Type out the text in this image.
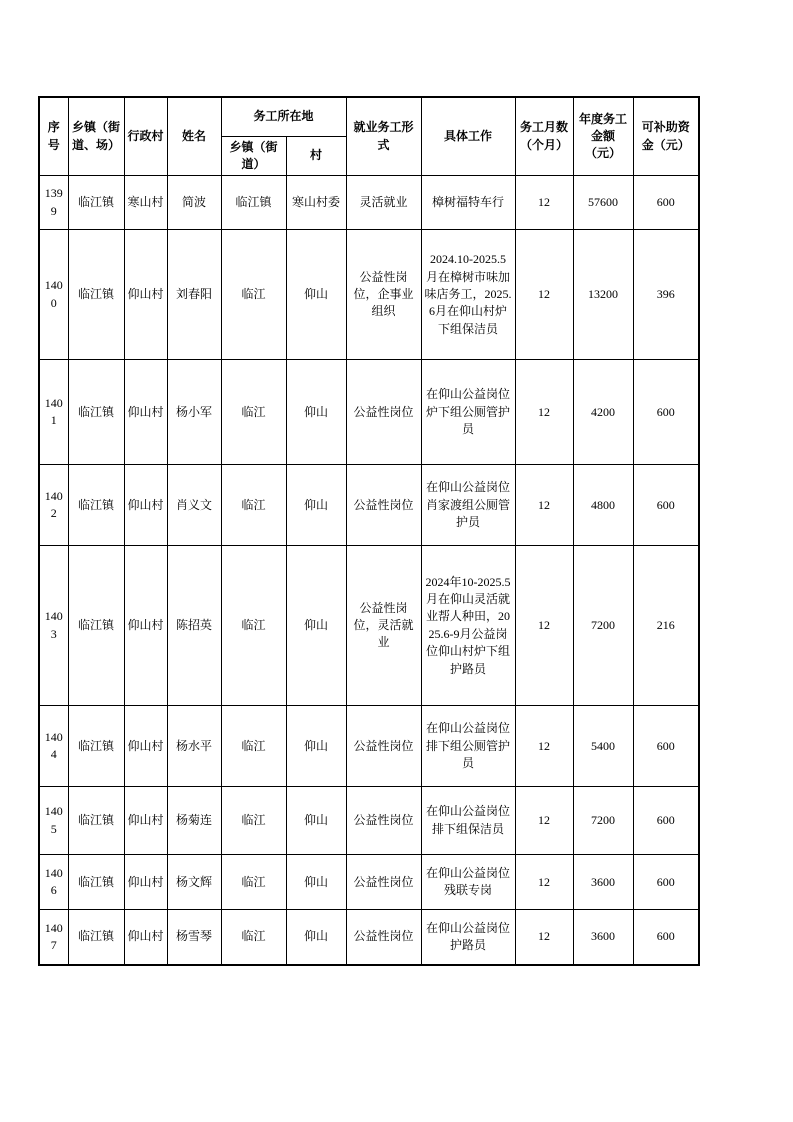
序号	乡镇（街道、场）	行政村	姓名	务工所在地		就业务工形式	具体工作	务工月数（个月）	年度务工金额（元）	可补助资金（元）
				乡镇（街道）	村					
1399	临江镇	寒山村	简波	临江镇	寒山村委	灵活就业	樟树福特车行	12	57600	600
1400	临江镇	仰山村	刘春阳	临江	仰山	公益性岗位，企事业组织	2024.10-2025.5月在樟树市味加味店务工，2025.6月在仰山村炉下组保洁员	12	13200	396
1401	临江镇	仰山村	杨小军	临江	仰山	公益性岗位	在仰山公益岗位炉下组公厕管护员	12	4200	600
1402	临江镇	仰山村	肖义文	临江	仰山	公益性岗位	在仰山公益岗位肖家渡组公厕管护员	12	4800	600
1403	临江镇	仰山村	陈招英	临江	仰山	公益性岗位，灵活就业	2024年10-2025.5月在仰山灵活就业帮人种田，2025.6-9月公益岗位仰山村炉下组护路员	12	7200	216
1404	临江镇	仰山村	杨水平	临江	仰山	公益性岗位	在仰山公益岗位排下组公厕管护员	12	5400	600
1405	临江镇	仰山村	杨菊连	临江	仰山	公益性岗位	在仰山公益岗位排下组保洁员	12	7200	600
1406	临江镇	仰山村	杨文辉	临江	仰山	公益性岗位	在仰山公益岗位残联专岗	12	3600	600
1407	临江镇	仰山村	杨雪琴	临江	仰山	公益性岗位	在仰山公益岗位护路员	12	3600	600
